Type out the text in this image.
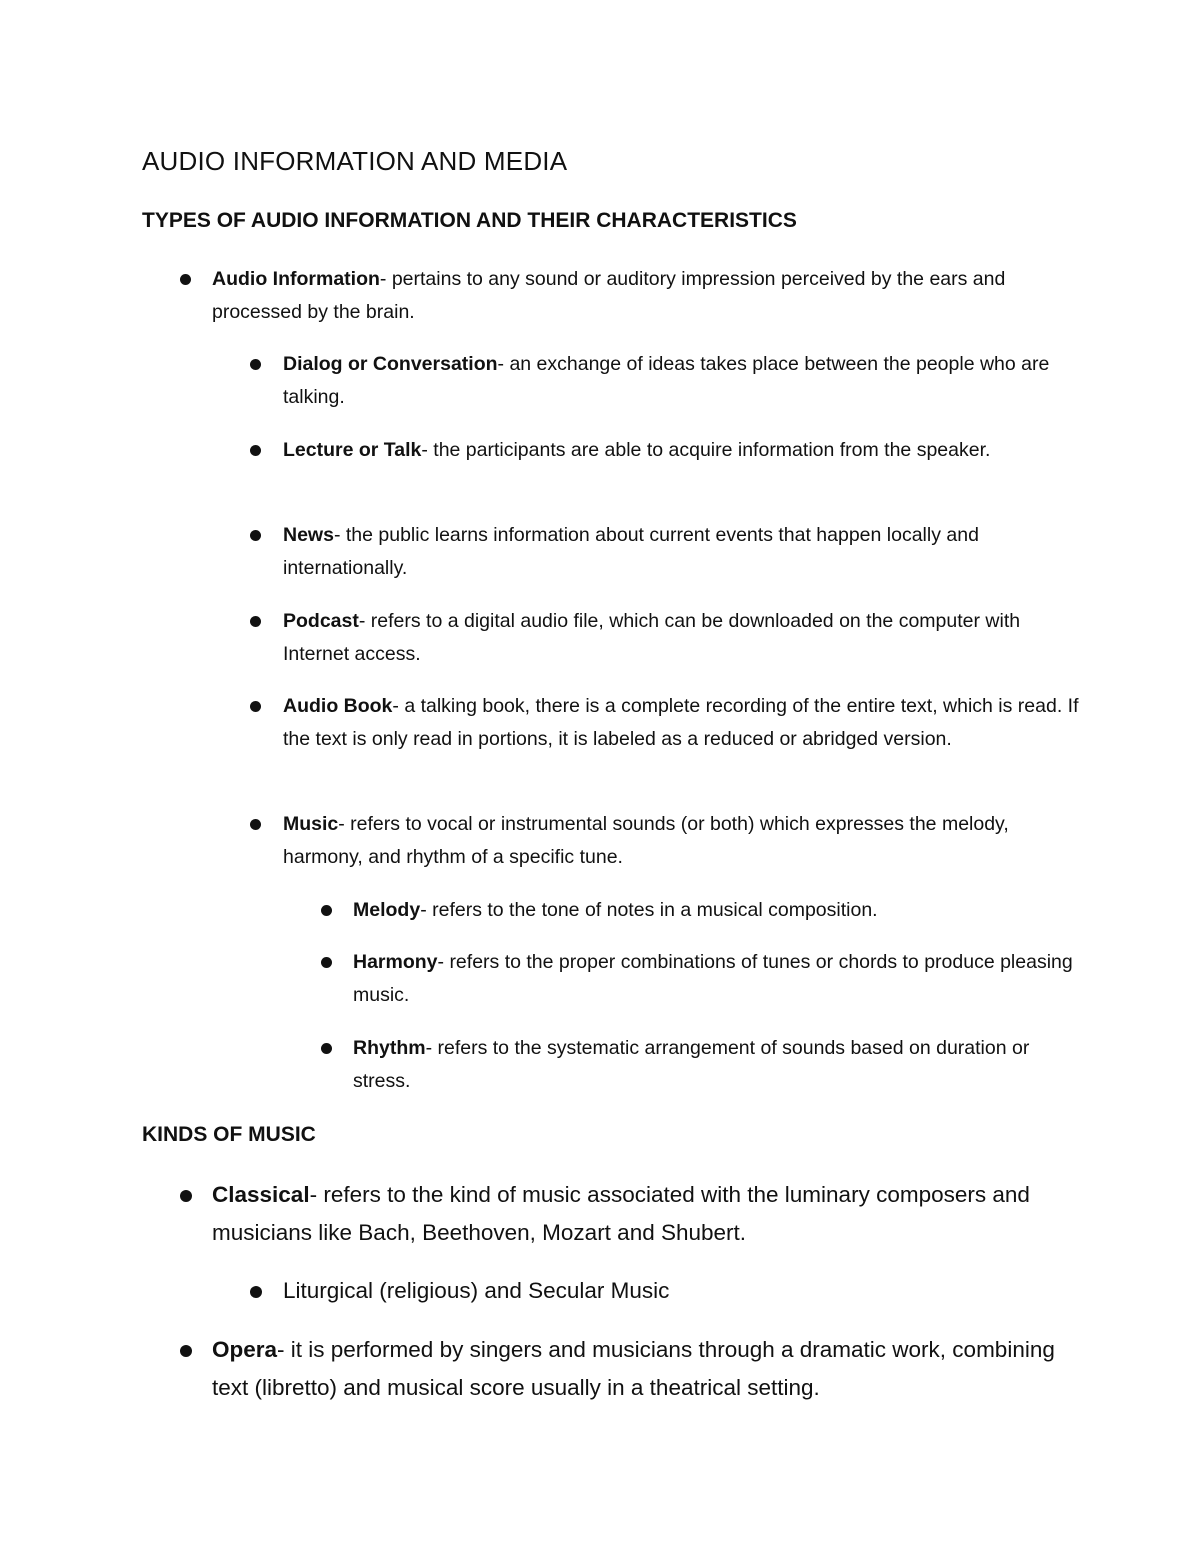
AUDIO INFORMATION AND MEDIA
TYPES OF AUDIO INFORMATION AND THEIR CHARACTERISTICS
Audio Information- pertains to any sound or auditory impression perceived by the ears and processed by the brain.
Dialog or Conversation- an exchange of ideas takes place between the people who are talking.
Lecture or Talk- the participants are able to acquire information from the speaker.
News- the public learns information about current events that happen locally and internationally.
Podcast- refers to a digital audio file, which can be downloaded on the computer with Internet access.
Audio Book- a talking book, there is a complete recording of the entire text, which is read. If the text is only read in portions, it is labeled as a reduced or abridged version.
Music- refers to vocal or instrumental sounds (or both) which expresses the melody, harmony, and rhythm of a specific tune.
Melody- refers to the tone of notes in a musical composition.
Harmony- refers to the proper combinations of tunes or chords to produce pleasing music.
Rhythm- refers to the systematic arrangement of sounds based on duration or stress.
KINDS OF MUSIC
Classical- refers to the kind of music associated with the luminary composers and musicians like Bach, Beethoven, Mozart and Shubert.
Liturgical (religious) and Secular Music
Opera- it is performed by singers and musicians through a dramatic work, combining text (libretto) and musical score usually in a theatrical setting.
